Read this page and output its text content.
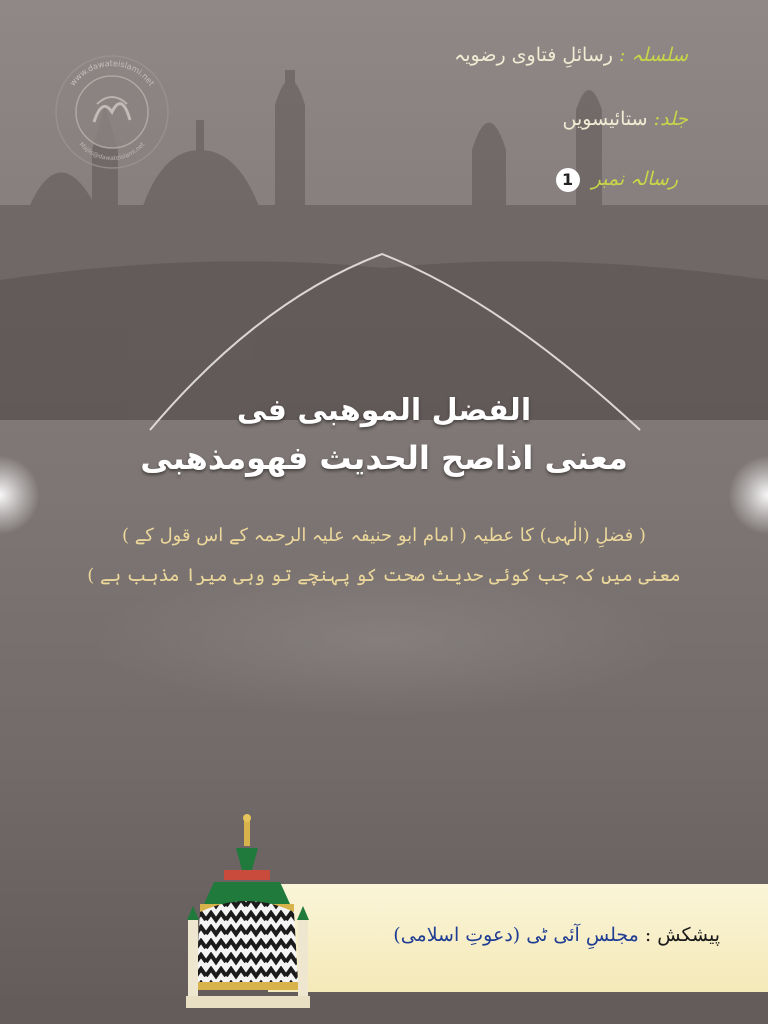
www.dawateislami.net
Majlis@dawateislami.net
سلسلہ : رسائلِ فتاوی رضویہ
جلد: ستائیسویں
رسالہ نمبر 1
الفضل الموهبی فی
معنی اذاصح الحدیث فهومذهبی
( فضلِ (الٰہی) کا عطیہ ( امام ابو حنیفہ علیہ الرحمہ کے اس قول کے )
معنی میں کہ جب کوئی حدیث صحت کو پہنچے تو وہی میرا مذہب ہے )
پیشکش : مجلسِ آئی ٹی (دعوتِ اسلامی)
